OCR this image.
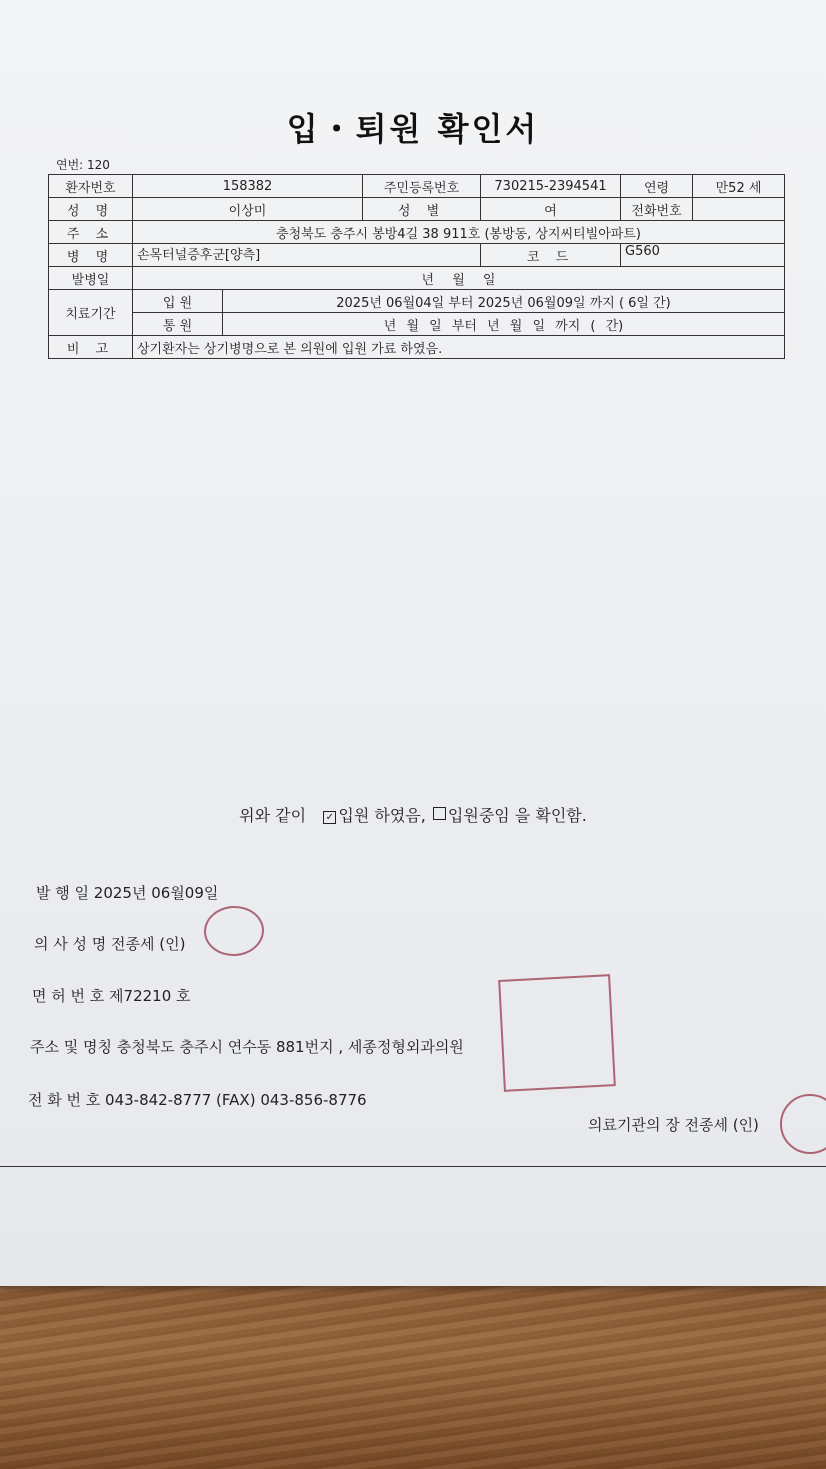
입・퇴원 확인서
연번: 120
환자번호	158382		주민등록번호	730215-2394541	연령	만52 세
성 명	이상미		성 별	여	전화번호	
주 소	충청북도 충주시 봉방4길 38 911호 (봉방동, 상지씨티빌아파트)					
병 명	손목터널증후군[양측]			코 드	G560	
발병일	년 월 일					
치료기간	입 원	2025년 06월04일 부터 2025년 06월09일 까지 ( 6일 간)				
	통 원	년 월 일 부터 년 월 일 까지 ( 간)				
비 고	상기환자는 상기병명으로 본 의원에 입원 가료 하였음.					
위와 같이 ✓ 입원 하였음, 입원중임 을 확인함.
발 행 일 2025년 06월09일
의 사 성 명 전종세 (인)
면 허 번 호 제72210 호
주소 및 명칭 충청북도 충주시 연수동 881번지 , 세종정형외과의원
전 화 번 호 043-842-8777 (FAX) 043-856-8776
의료기관의 장 전종세 (인)
